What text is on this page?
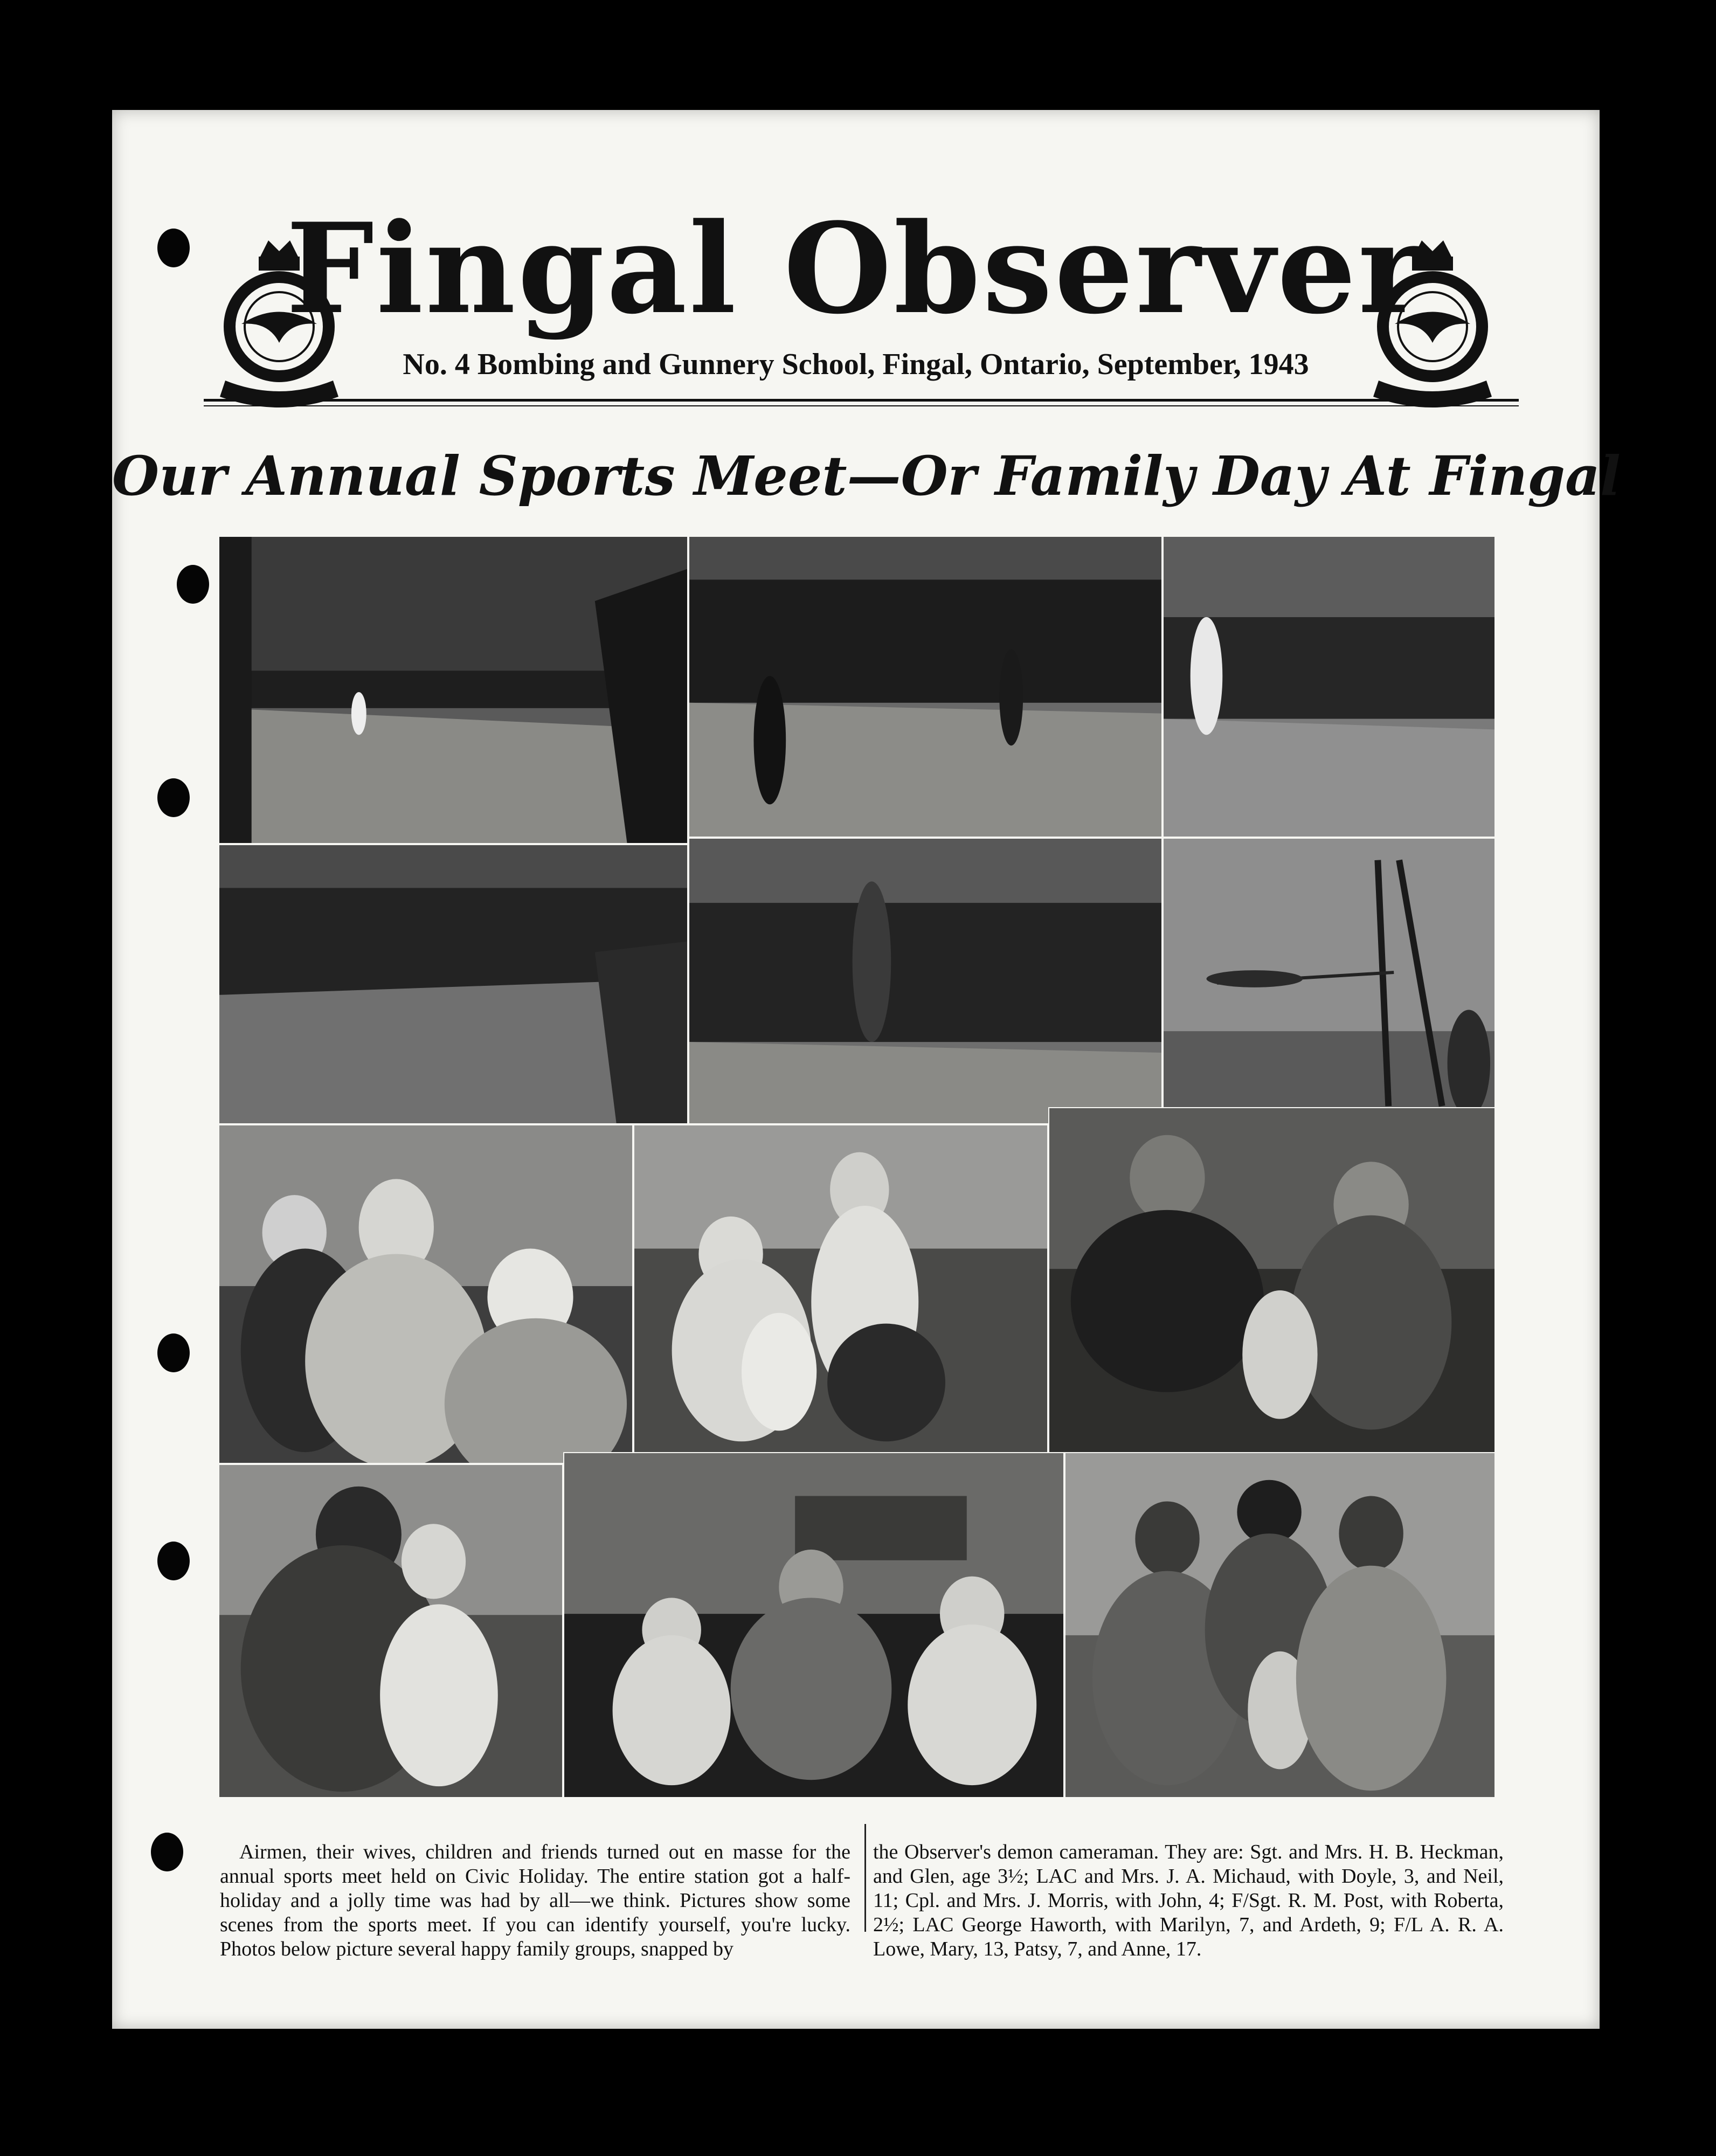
Fingal Observer
No. 4 Bombing and Gunnery School, Fingal, Ontario, September, 1943
Our Annual Sports Meet—Or Family Day At Fingal

Airmen, their wives, children and friends turned out en masse for the annual sports meet held on Civic Holiday. The entire station got a half-holiday and a jolly time was had by all—we think. Pictures show some scenes from the sports meet. If you can identify yourself, you're lucky. Photos below picture several happy family groups, snapped by

the Observer's demon cameraman. They are: Sgt. and Mrs. H. B. Heckman, and Glen, age 3½; LAC and Mrs. J. A. Michaud, with Doyle, 3, and Neil, 11; Cpl. and Mrs. J. Morris, with John, 4; F/Sgt. R. M. Post, with Roberta, 2½; LAC George Haworth, with Marilyn, 7, and Ardeth, 9; F/L A. R. A. Lowe, Mary, 13, Patsy, 7, and Anne, 17.
